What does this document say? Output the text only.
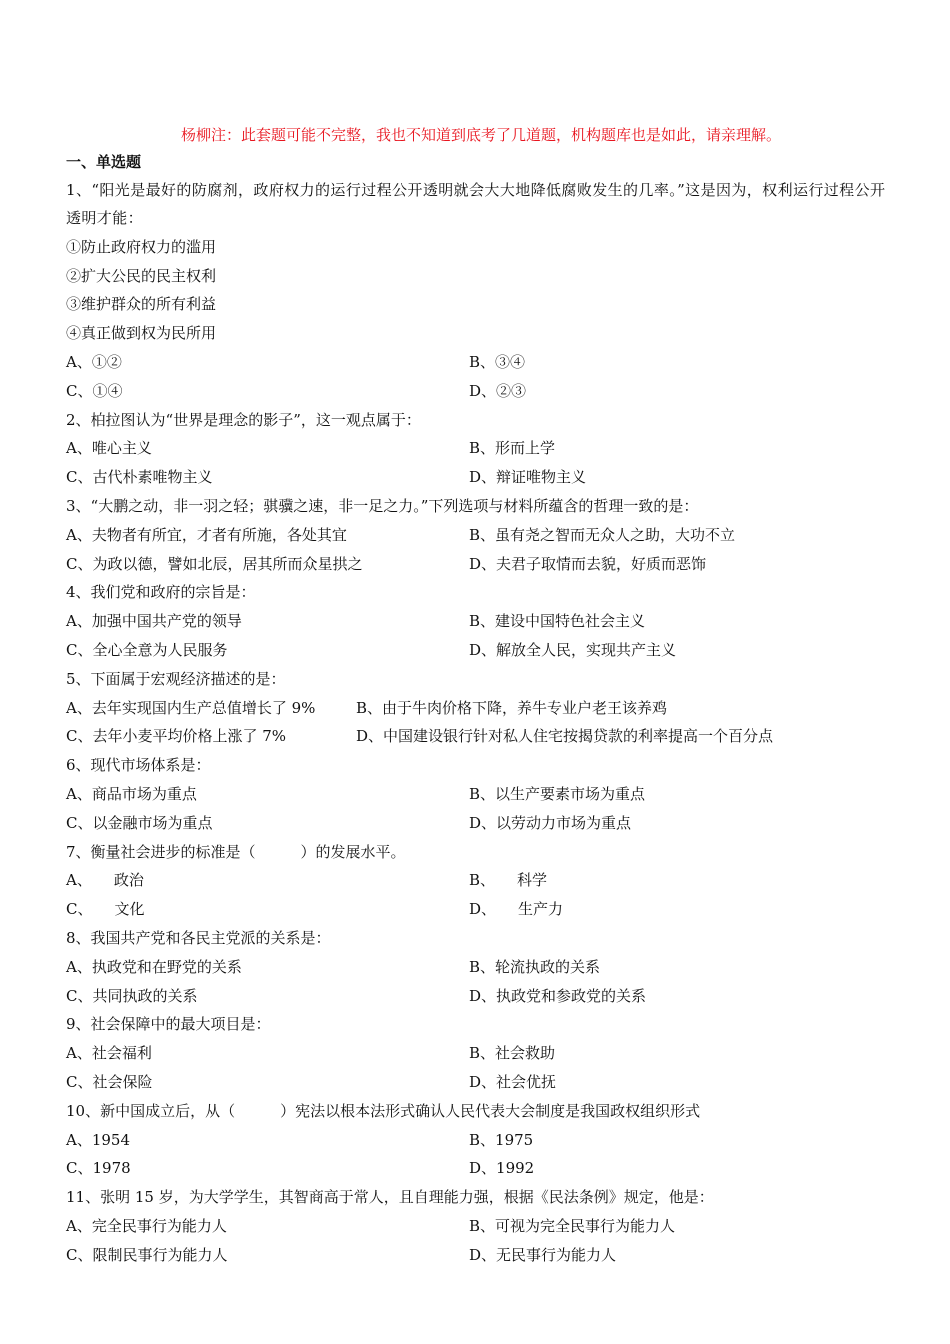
杨柳注：此套题可能不完整，我也不知道到底考了几道题，机构题库也是如此，请亲理解。
一、单选题
1、“阳光是最好的防腐剂，政府权力的运行过程公开透明就会大大地降低腐败发生的几率。”这是因为，权利运行过程公开透明才能：
①防止政府权力的滥用
②扩大公民的民主权利
③维护群众的所有利益
④真正做到权为民所用
A、①②	B、③④
C、①④	D、②③
2、柏拉图认为“世界是理念的影子”，这一观点属于：
A、唯心主义	B、形而上学
C、古代朴素唯物主义	D、辩证唯物主义
3、“大鹏之动，非一羽之轻；骐骥之速，非一足之力。”下列选项与材料所蕴含的哲理一致的是：
A、夫物者有所宜，才者有所施，各处其宜	B、虽有尧之智而无众人之助，大功不立
C、为政以德，譬如北辰，居其所而众星拱之	D、夫君子取情而去貌，好质而恶饰
4、我们党和政府的宗旨是：
A、加强中国共产党的领导	B、建设中国特色社会主义
C、全心全意为人民服务	D、解放全人民，实现共产主义
5、下面属于宏观经济描述的是：
A、去年实现国内生产总值增长了 9%	B、由于牛肉价格下降，养牛专业户老王该养鸡
C、去年小麦平均价格上涨了 7%	D、中国建设银行针对私人住宅按揭贷款的利率提高一个百分点
6、现代市场体系是：
A、商品市场为重点	B、以生产要素市场为重点
C、以金融市场为重点	D、以劳动力市场为重点
7、衡量社会进步的标准是（　　　）的发展水平。
A、 政治	B、 科学
C、 文化	D、 生产力
8、我国共产党和各民主党派的关系是：
A、执政党和在野党的关系	B、轮流执政的关系
C、共同执政的关系	D、执政党和参政党的关系
9、社会保障中的最大项目是：
A、社会福利	B、社会救助
C、社会保险	D、社会优抚
10、新中国成立后，从（　　　）宪法以根本法形式确认人民代表大会制度是我国政权组织形式
A、1954	B、1975
C、1978	D、1992
11、张明 15 岁，为大学学生，其智商高于常人，且自理能力强，根据《民法条例》规定，他是：
A、完全民事行为能力人	B、可视为完全民事行为能力人
C、限制民事行为能力人	D、无民事行为能力人
